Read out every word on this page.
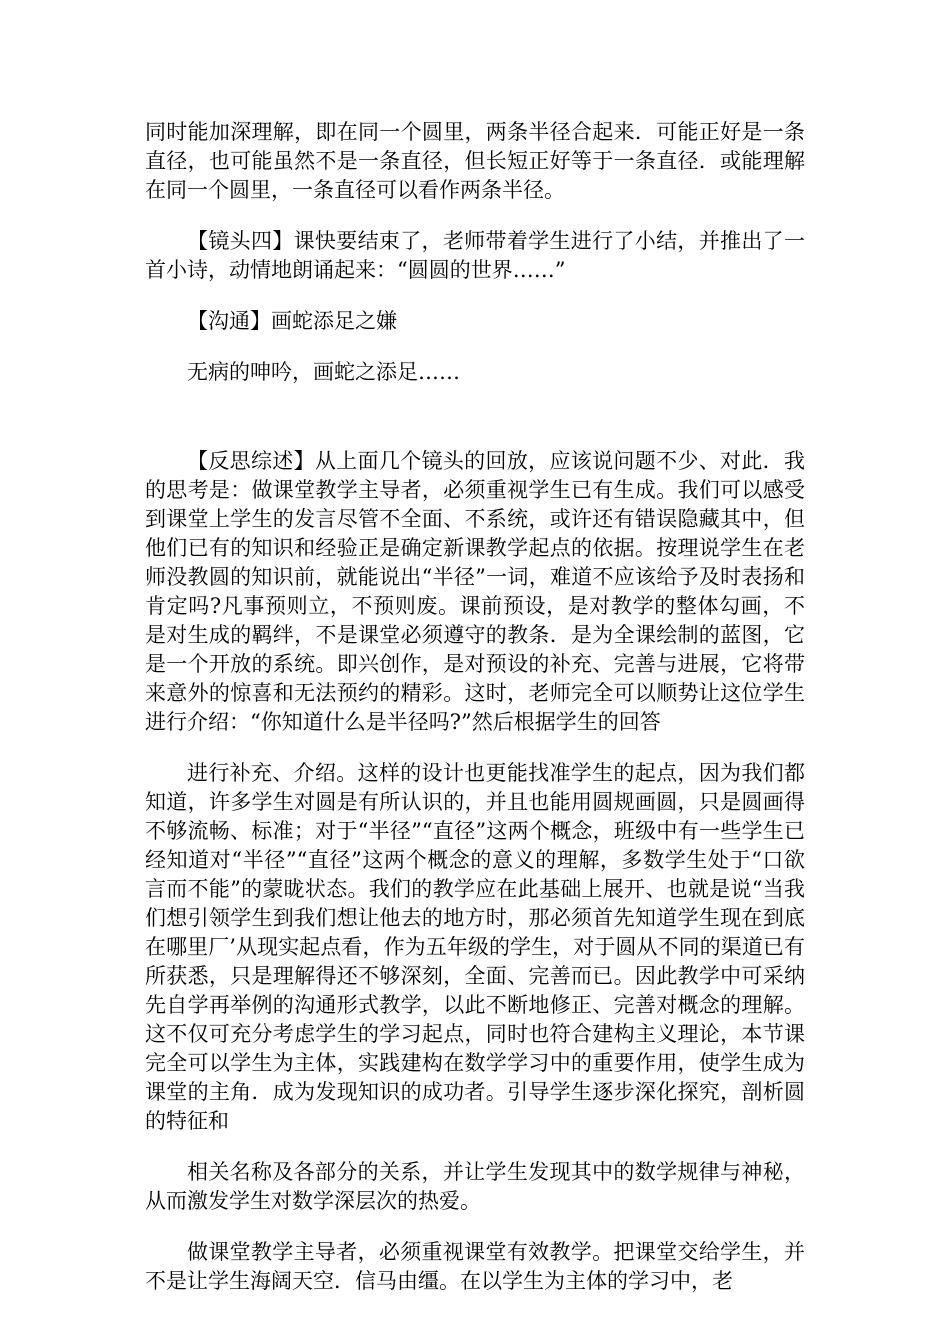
同时能加深理解，即在同一个圆里，两条半径合起来．可能正好是一条直径，也可能虽然不是一条直径，但长短正好等于一条直径．或能理解在同一个圆里，一条直径可以看作两条半径。

【镜头四】课快要结束了，老师带着学生进行了小结，并推出了一首小诗，动情地朗诵起来：“圆圆的世界……”

【沟通】画蛇添足之嫌

无病的呻吟，画蛇之添足……

【反思综述】从上面几个镜头的回放，应该说问题不少、对此．我的思考是：做课堂教学主导者，必须重视学生已有生成。我们可以感受到课堂上学生的发言尽管不全面、不系统，或许还有错误隐藏其中，但他们已有的知识和经验正是确定新课教学起点的依据。按理说学生在老师没教圆的知识前，就能说出“半径”一词，难道不应该给予及时表扬和肯定吗?凡事预则立，不预则废。课前预设，是对教学的整体勾画，不是对生成的羁绊，不是课堂必须遵守的教条．是为全课绘制的蓝图，它是一个开放的系统。即兴创作，是对预设的补充、完善与进展，它将带来意外的惊喜和无法预约的精彩。这时，老师完全可以顺势让这位学生进行介绍：“你知道什么是半径吗?”然后根据学生的回答

进行补充、介绍。这样的设计也更能找准学生的起点，因为我们都知道，许多学生对圆是有所认识的，并且也能用圆规画圆，只是圆画得不够流畅、标准；对于“半径”“直径”这两个概念，班级中有一些学生已经知道对“半径”“直径”这两个概念的意义的理解，多数学生处于“口欲言而不能”的蒙昽状态。我们的教学应在此基础上展开、也就是说“当我们想引领学生到我们想让他去的地方时，那必须首先知道学生现在到底在哪里厂’从现实起点看，作为五年级的学生，对于圆从不同的渠道已有所获悉，只是理解得还不够深刻，全面、完善而已。因此教学中可采纳先自学再举例的沟通形式教学，以此不断地修正、完善对概念的理解。这不仅可充分考虑学生的学习起点，同时也符合建构主义理论，本节课完全可以学生为主体，实践建构在数学学习中的重要作用，使学生成为课堂的主角．成为发现知识的成功者。引导学生逐步深化探究，剖析圆的特征和

相关名称及各部分的关系，并让学生发现其中的数学规律与神秘，从而激发学生对数学深层次的热爱。

做课堂教学主导者，必须重视课堂有效教学。把课堂交给学生，并不是让学生海阔天空．信马由缰。在以学生为主体的学习中，老
